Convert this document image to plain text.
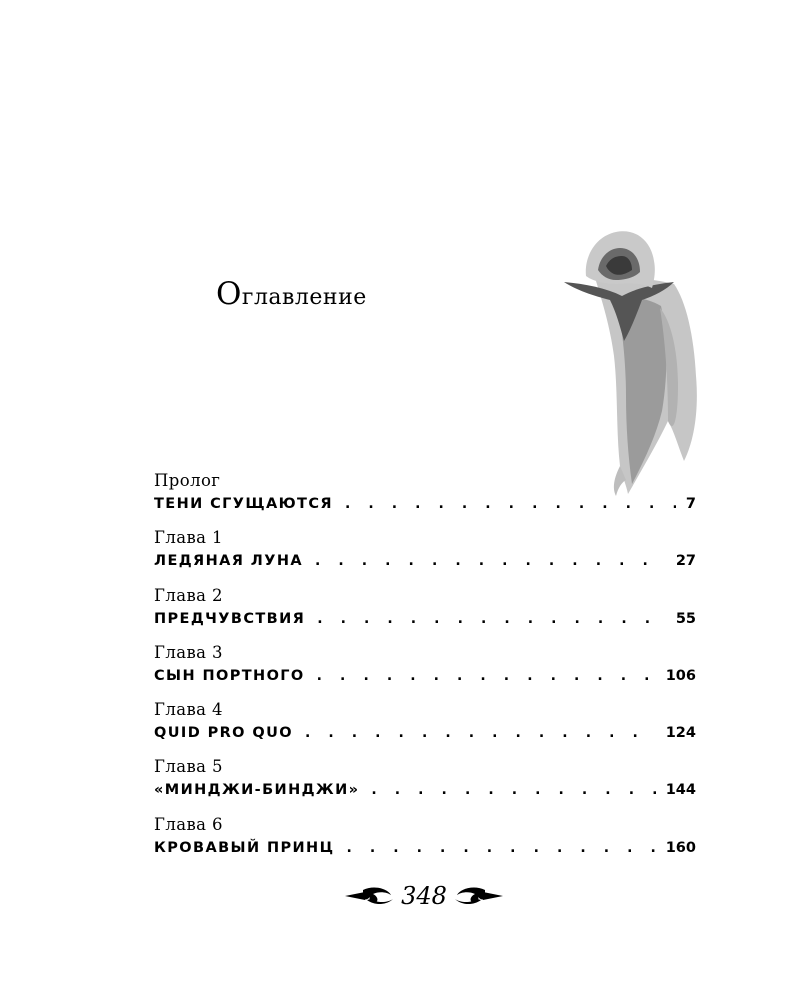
Оглавление
Пролог
ТЕНИ СГУЩАЮТСЯ . . .	7
Глава 1
ЛЕДЯНАЯ ЛУНА . . .	27
Глава 2
ПРЕДЧУВСТВИЯ . . .	55
Глава 3
СЫН ПОРТНОГО . . .	106
Глава 4
QUID PRO QUO . . .	124
Глава 5
«МИНДЖИ-БИНДЖИ» . . .	144
Глава 6
КРОВАВЫЙ ПРИНЦ . . .	160
348
